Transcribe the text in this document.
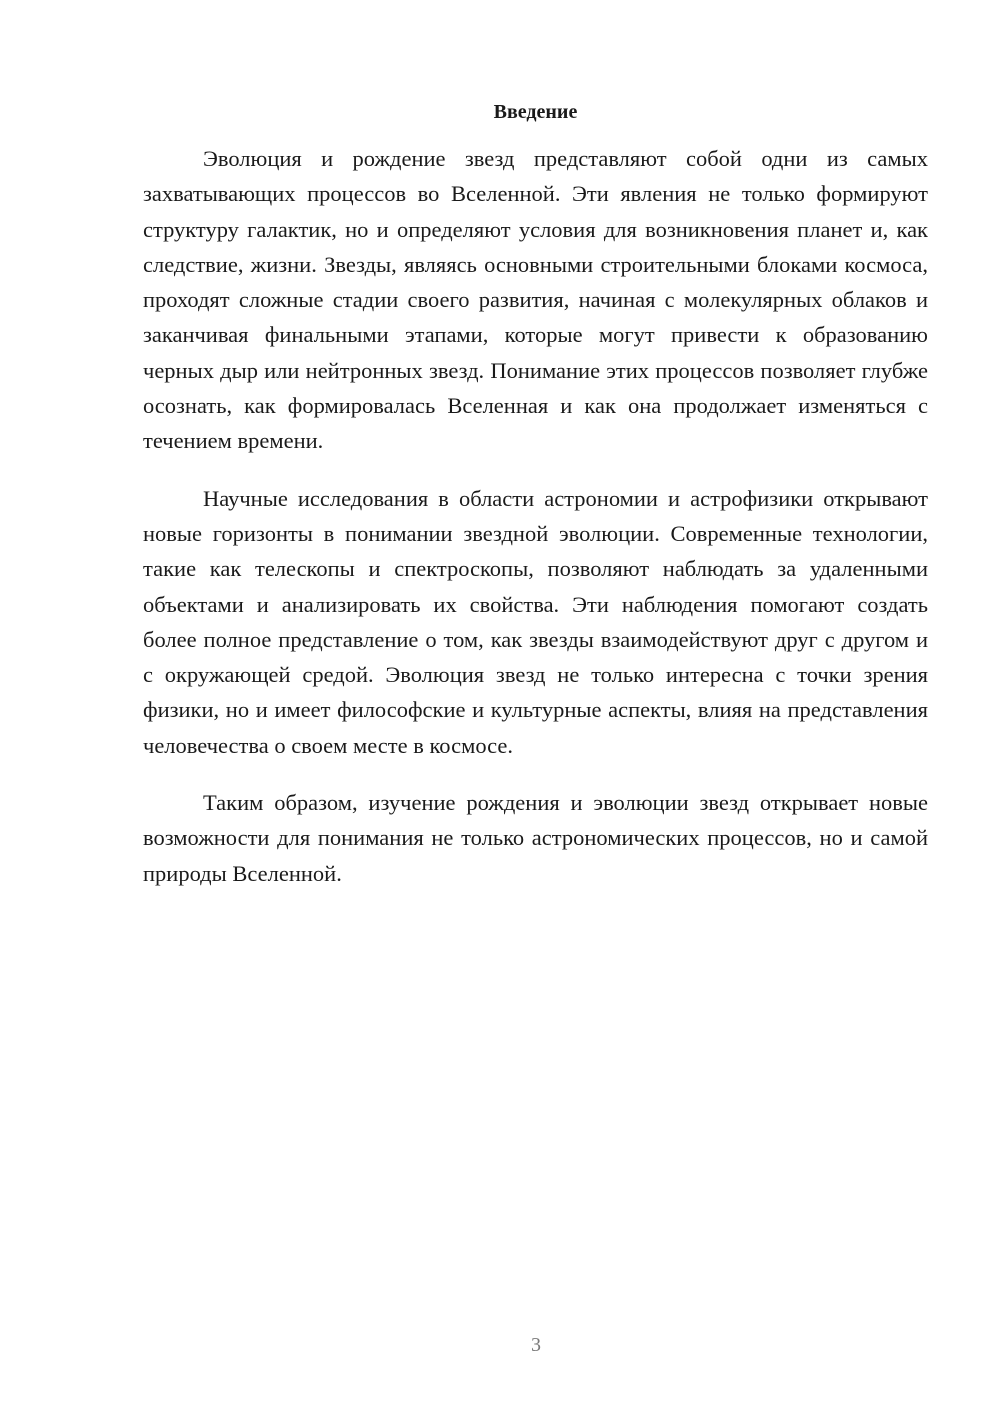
Введение

Эволюция и рождение звезд представляют собой одни из самых захватывающих процессов во Вселенной. Эти явления не только формируют структуру галактик, но и определяют условия для возникновения планет и, как следствие, жизни. Звезды, являясь основными строительными блоками космоса, проходят сложные стадии своего развития, начиная с молекулярных облаков и заканчивая финальными этапами, которые могут привести к образованию черных дыр или нейтронных звезд. Понимание этих процессов позволяет глубже осознать, как формировалась Вселенная и как она продолжает изменяться с течением времени.

Научные исследования в области астрономии и астрофизики открывают новые горизонты в понимании звездной эволюции. Современные технологии, такие как телескопы и спектроскопы, позволяют наблюдать за удаленными объектами и анализировать их свойства. Эти наблюдения помогают создать более полное представление о том, как звезды взаимодействуют друг с другом и с окружающей средой. Эволюция звезд не только интересна с точки зрения физики, но и имеет философские и культурные аспекты, влияя на представления человечества о своем месте в космосе.

Таким образом, изучение рождения и эволюции звезд открывает новые возможности для понимания не только астрономических процессов, но и самой природы Вселенной.

3
